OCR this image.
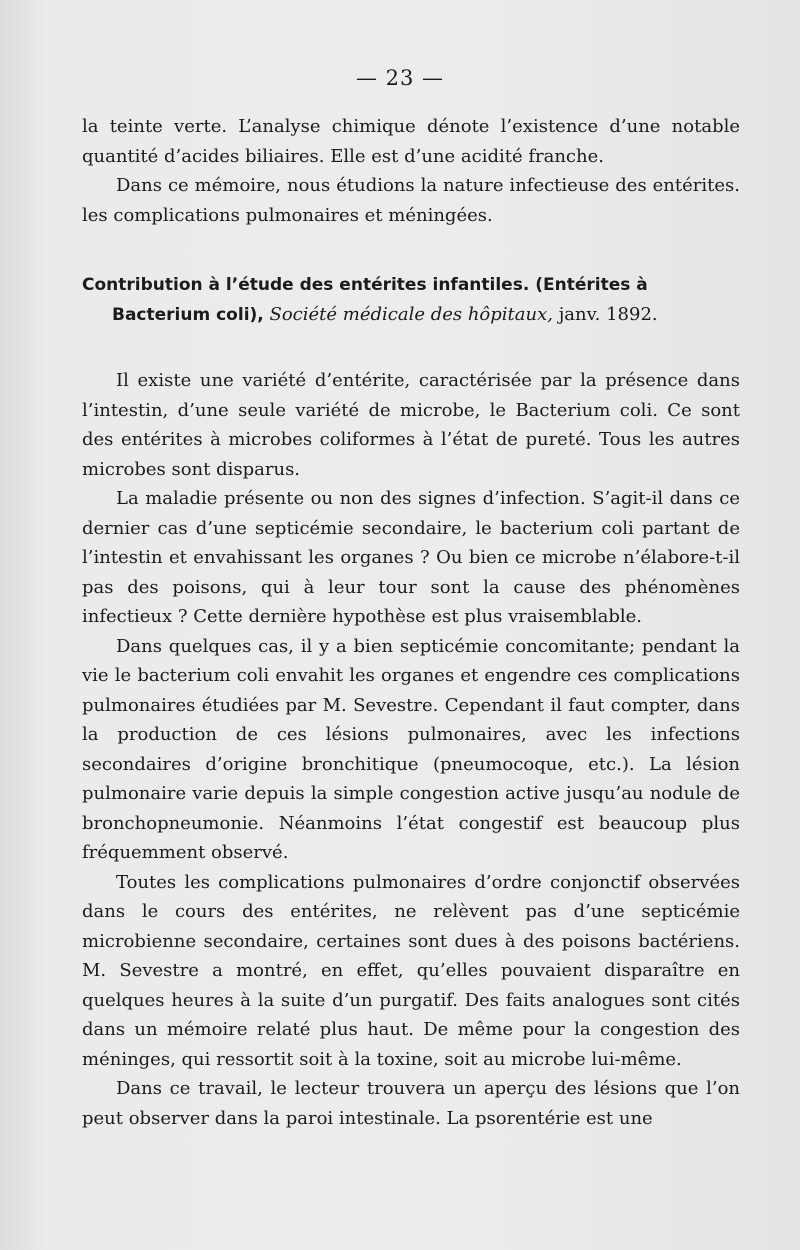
— 23 —

la teinte verte. L’analyse chimique dénote l’existence d’une notable quantité d’acides biliaires. Elle est d’une acidité franche.

Dans ce mémoire, nous étudions la nature infectieuse des entérites. les complications pulmonaires et méningées.

Contribution à l’étude des entérites infantiles. (Entérites à
Bacterium coli), Société médicale des hôpitaux, janv. 1892.

Il existe une variété d’entérite, caractérisée par la présence dans l’intestin, d’une seule variété de microbe, le Bacterium coli. Ce sont des entérites à microbes coliformes à l’état de pureté. Tous les autres microbes sont disparus.

La maladie présente ou non des signes d’infection. S’agit-il dans ce dernier cas d’une septicémie secondaire, le bacterium coli partant de l’intestin et envahissant les organes ? Ou bien ce microbe n’élabore-t-il pas des poisons, qui à leur tour sont la cause des phénomènes infectieux ? Cette dernière hypothèse est plus vraisemblable.

Dans quelques cas, il y a bien septicémie concomitante; pendant la vie le bacterium coli envahit les organes et engendre ces complications pulmonaires étudiées par M. Sevestre. Cependant il faut compter, dans la production de ces lésions pulmonaires, avec les infections secondaires d’origine bronchitique (pneumocoque, etc.). La lésion pulmonaire varie depuis la simple congestion active jusqu’au nodule de bronchopneumonie. Néanmoins l’état congestif est beaucoup plus fréquemment observé.

Toutes les complications pulmonaires d’ordre conjonctif observées dans le cours des entérites, ne relèvent pas d’une septicémie microbienne secondaire, certaines sont dues à des poisons bactériens. M. Sevestre a montré, en effet, qu’elles pouvaient disparaître en quelques heures à la suite d’un purgatif. Des faits analogues sont cités dans un mémoire relaté plus haut. De même pour la congestion des méninges, qui ressortit soit à la toxine, soit au microbe lui-même.

Dans ce travail, le lecteur trouvera un aperçu des lésions que l’on peut observer dans la paroi intestinale. La psorentérie est une
